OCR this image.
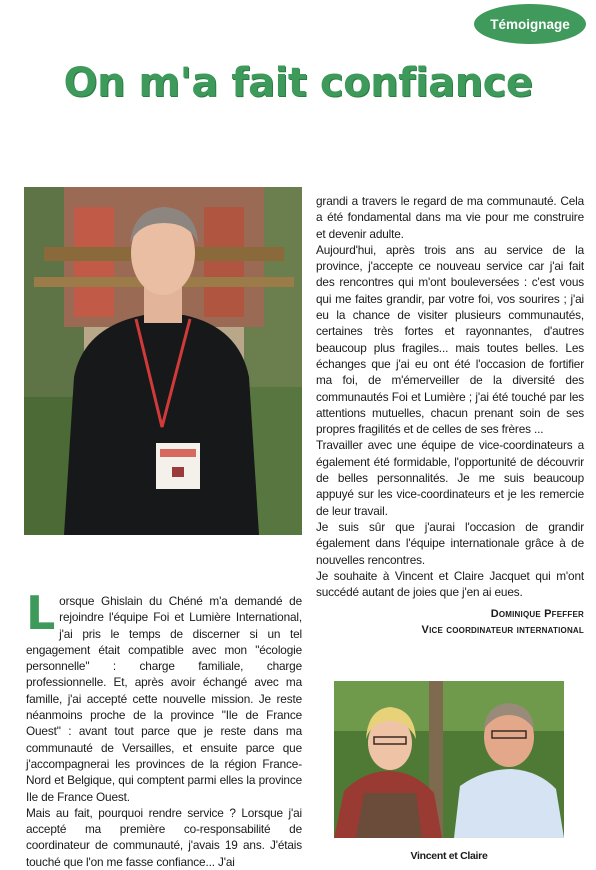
Témoignage
On m'a fait confiance
Vincent et Claire

Lorsque Ghislain du Chéné m'a demandé de rejoindre l'équipe Foi et Lumière International, j'ai pris le temps de discerner si un tel engagement était compatible avec mon "écologie personnelle" : charge familiale, charge professionnelle. Et, après avoir échangé avec ma famille, j'ai accepté cette nouvelle mission. Je reste néanmoins proche de la province "Ile de France Ouest" : avant tout parce que je reste dans ma communauté de Versailles, et ensuite parce que j'accompagnerai les provinces de la région France-Nord et Belgique, qui comptent parmi elles la province Ile de France Ouest.

Mais au fait, pourquoi rendre service ? Lorsque j'ai accepté ma première co-responsabilité de coordinateur de communauté, j'avais 19 ans. J'étais touché que l'on me fasse confiance... J'ai

grandi a travers le regard de ma communauté. Cela a été fondamental dans ma vie pour me construire et devenir adulte.

Aujourd'hui, après trois ans au service de la province, j'accepte ce nouveau service car j'ai fait des rencontres qui m'ont bouleversées : c'est vous qui me faites grandir, par votre foi, vos sourires ; j'ai eu la chance de visiter plusieurs communautés, certaines très fortes et rayonnantes, d'autres beaucoup plus fragiles... mais toutes belles. Les échanges que j'ai eu ont été l'occasion de fortifier ma foi, de m'émerveiller de la diversité des communautés Foi et Lumière ; j'ai été touché par les attentions mutuelles, chacun prenant soin de ses propres fragilités et de celles de ses frères ...

Travailler avec une équipe de vice-coordinateurs a également été formidable, l'opportunité de découvrir de belles personnalités. Je me suis beaucoup appuyé sur les vice-coordinateurs et je les remercie de leur travail.

Je suis sûr que j'aurai l'occasion de grandir également dans l'équipe internationale grâce à de nouvelles rencontres.

Je souhaite à Vincent et Claire Jacquet qui m'ont succédé autant de joies que j'en ai eues.

Dominique Pfeffer
Vice coordinateur international
